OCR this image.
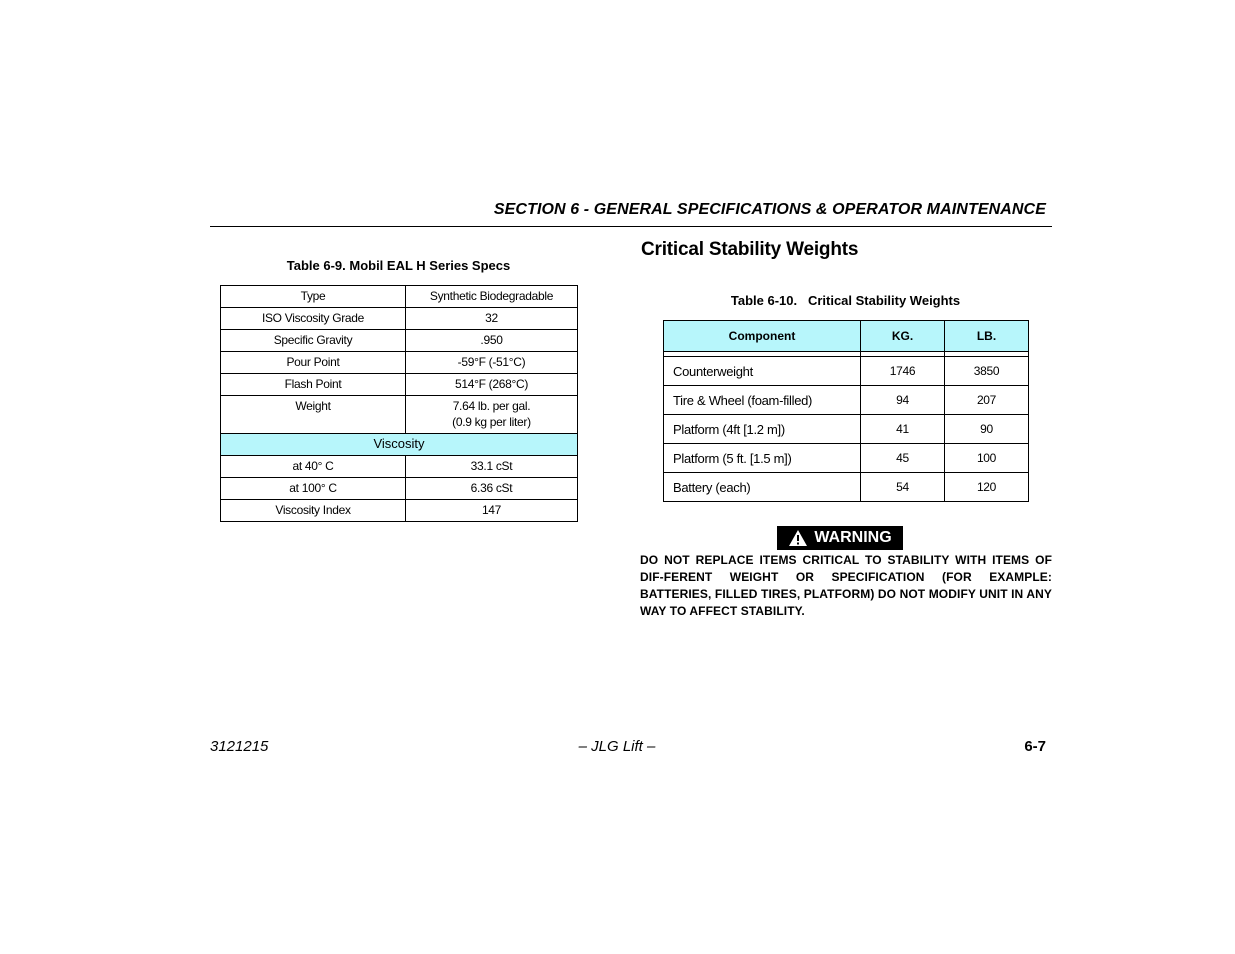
SECTION 6 - GENERAL SPECIFICATIONS & OPERATOR MAINTENANCE
Table 6-9. Mobil EAL H Series Specs
Type	Synthetic Biodegradable
ISO Viscosity Grade	32
Specific Gravity	.950
Pour Point	-59°F (-51°C)
Flash Point	514°F (268°C)
Weight	7.64 lb. per gal.
(0.9 kg per liter)

Viscosity	
at 40° C	33.1 cSt
at 100° C	6.36 cSt
Viscosity Index	147
Critical Stability Weights
Table 6-10.   Critical Stability Weights
Component	KG.	LB.

Counterweight	1746	3850
Tire & Wheel (foam-filled)	94	207
Platform (4ft [1.2 m])	41	90
Platform (5 ft. [1.5 m])	45	100
Battery (each)	54	120
WARNING
DO NOT REPLACE ITEMS CRITICAL TO STABILITY WITH ITEMS OF DIF-FERENT WEIGHT OR SPECIFICATION (FOR EXAMPLE: BATTERIES, FILLED TIRES, PLATFORM) DO NOT MODIFY UNIT IN ANY WAY TO AFFECT STABILITY.
3121215	– JLG Lift –	6-7
